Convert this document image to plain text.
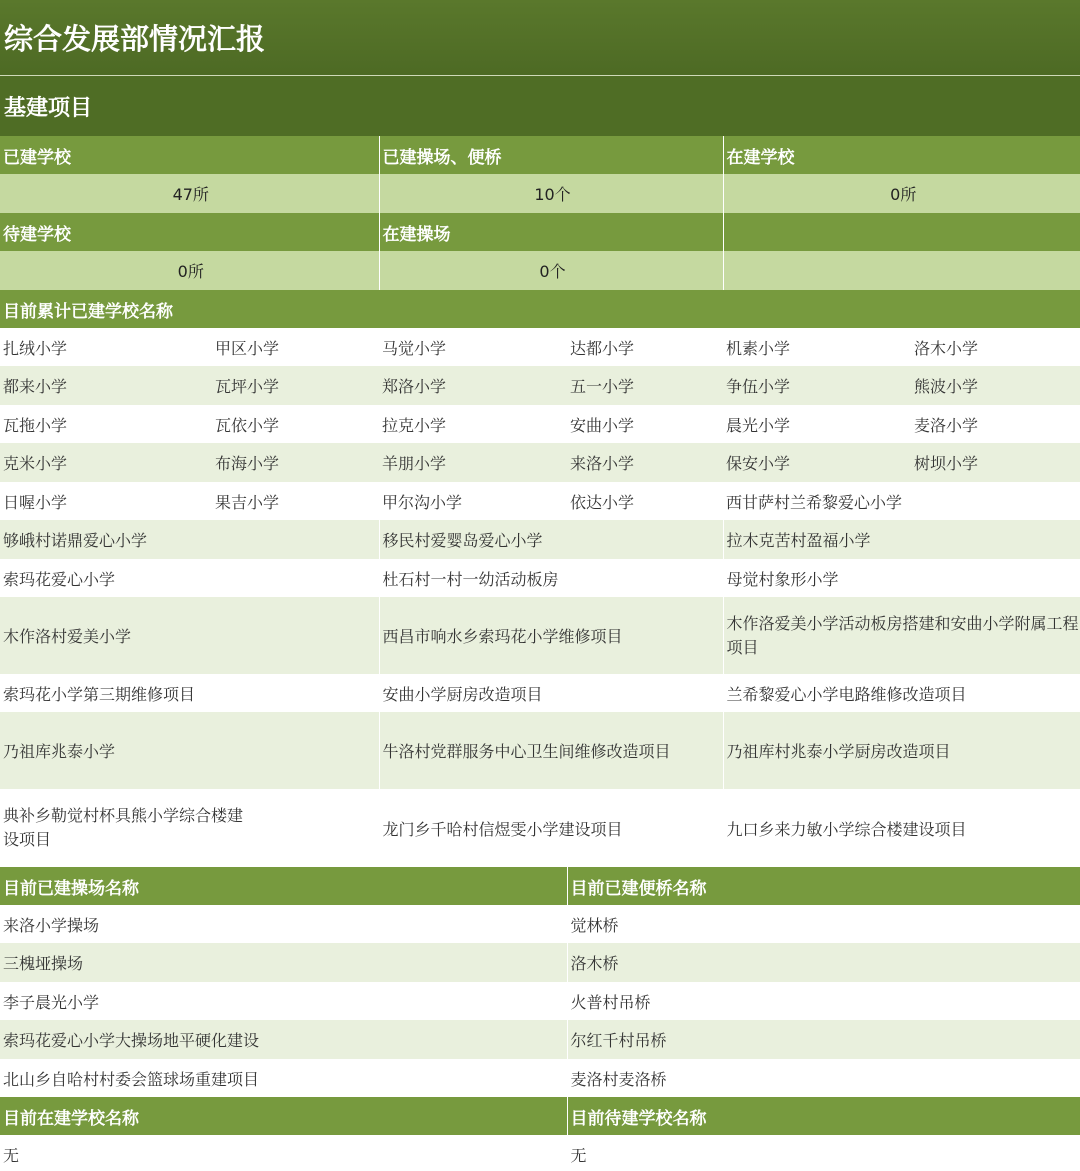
综合发展部情况汇报
基建项目
已建学校	已建操场、便桥	在建学校
47所	10个	0所
待建学校	在建操场	
0所	0个	
目前累计已建学校名称					
扎绒小学	甲区小学	马觉小学	达都小学	机素小学	洛木小学
都来小学	瓦坪小学	郑洛小学	五一小学	争伍小学	熊波小学
瓦拖小学	瓦依小学	拉克小学	安曲小学	晨光小学	麦洛小学
克米小学	布海小学	羊朋小学	来洛小学	保安小学	树坝小学
日喔小学	果吉小学	甲尔沟小学	依达小学	西甘萨村兰希黎爱心小学	
够峨村诺鼎爱心小学	移民村爱婴岛爱心小学	拉木克苦村盈福小学
索玛花爱心小学	杜石村一村一幼活动板房	母觉村象形小学
木作洛村爱美小学	西昌市响水乡索玛花小学维修项目	木作洛爱美小学活动板房搭建和安曲小学附属工程项目
索玛花小学第三期维修项目	安曲小学厨房改造项目	兰希黎爱心小学电路维修改造项目
乃祖库兆泰小学	牛洛村党群服务中心卫生间维修改造项目	乃祖库村兆泰小学厨房改造项目
典补乡勒觉村杯具熊小学综合楼建设项目	龙门乡千哈村信煜雯小学建设项目	九口乡来力敏小学综合楼建设项目
目前已建操场名称	目前已建便桥名称
来洛小学操场	觉林桥
三槐垭操场	洛木桥
李子晨光小学	火普村吊桥
索玛花爱心小学大操场地平硬化建设	尔红千村吊桥
北山乡自哈村村委会篮球场重建项目	麦洛村麦洛桥
目前在建学校名称	目前待建学校名称
无	无
